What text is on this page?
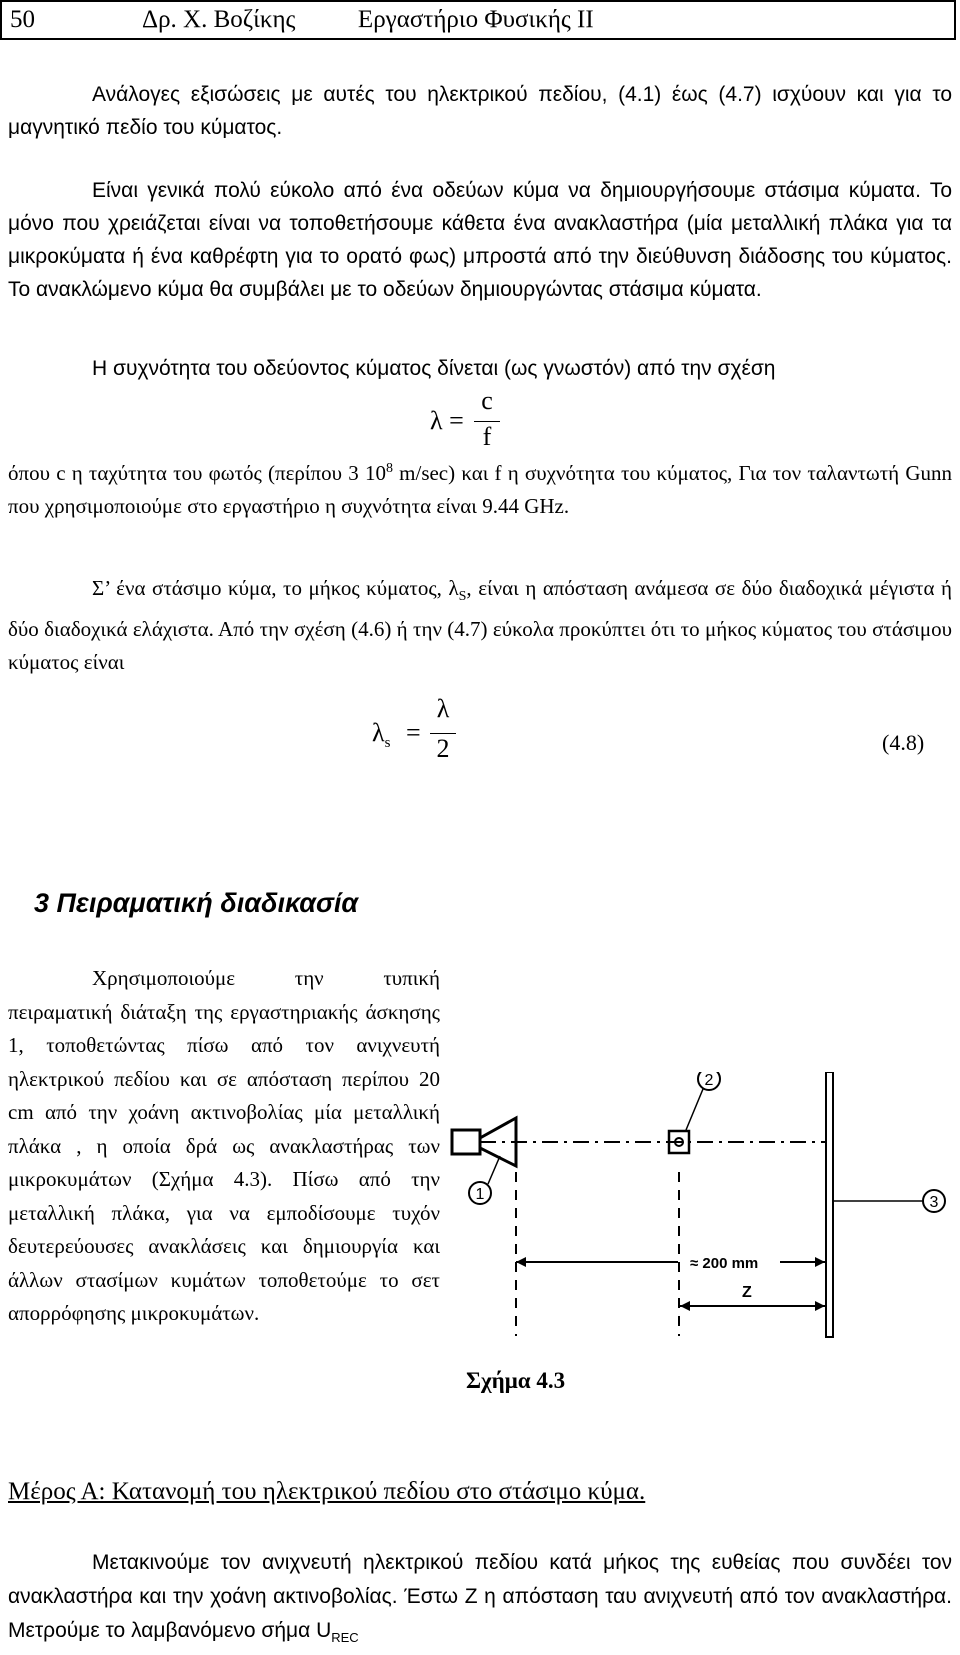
50	Δρ. Χ. Βοζίκης          Εργαστήριο Φυσικής ΙΙ

Ανάλογες εξισώσεις με αυτές του ηλεκτρικού πεδίου, (4.1) έως (4.7) ισχύουν και για το μαγνητικό πεδίο του κύματος.

Είναι γενικά πολύ εύκολο από ένα οδεύων κύμα να δημιουργήσουμε στάσιμα κύματα. Το μόνο που χρειάζεται είναι να τοποθετήσουμε κάθετα ένα ανακλαστήρα (μία μεταλλική πλάκα για τα μικροκύματα ή ένα καθρέφτη για το ορατό φως) μπροστά από την διεύθυνση διάδοσης του κύματος. Το ανακλώμενο κύμα θα συμβάλει με το οδεύων δημιουργώντας στάσιμα κύματα.

Η συχνότητα του οδεύοντος κύματος δίνεται (ως γνωστόν) από την σχέση

λ =
c
f

όπου c η ταχύτητα του φωτός (περίπου 3 $10^8$ m/sec) και f η συχνότητα του κύματος, Για τον ταλαντωτή Gunn που χρησιμοποιούμε στο εργαστήριο η συχνότητα είναι 9.44 GHz.

Σ’ ένα στάσιμο κύμα, το μήκος κύματος, $\lambda_S$, είναι η απόσταση ανάμεσα σε δύο διαδοχικά μέγιστα ή δύο διαδοχικά ελάχιστα. Από την σχέση (4.6) ή την (4.7) εύκολα προκύπτει ότι το μήκος κύματος του στάσιμου κύματος είναι

$\lambda_s$ =
λ
2	(4.8)
3 Πειραματική διαδικασία

Χρησιμοποιούμε την τυπική πειραματική διάταξη της εργαστηριακής άσκησης 1, τοποθετώντας πίσω από τον ανιχνευτή ηλεκτρικού πεδίου και σε απόσταση περίπου 20 cm από την χοάνη ακτινοβολίας μία μεταλλική πλάκα , η οποία δρά ως ανακλαστήρας των μικροκυμάτων (Σχήμα 4.3). Πίσω από την μεταλλική πλάκα, για να εμποδίσουμε τυχόν δευτερεύουσες ανακλάσεις και δημιουργία και άλλων στασίμων κυμάτων τοποθετούμε το σετ απορρόφησης μικροκυμάτων.

1
2
3
≈ 200 mm
Z
Σχήμα 4.3
Μέρος Α: Κατανομή του ηλεκτρικού πεδίου στο στάσιμο κύμα.

Μετακινούμε τον ανιχνευτή ηλεκτρικού πεδίου κατά μήκος της ευθείας που συνδέει τον ανακλαστήρα και την χοάνη ακτινοβολίας. Έστω Z η απόσταση ταυ ανιχνευτή από τον ανακλαστήρα. Μετρούμε το λαμβανόμενο σήμα $U_{REC}$
